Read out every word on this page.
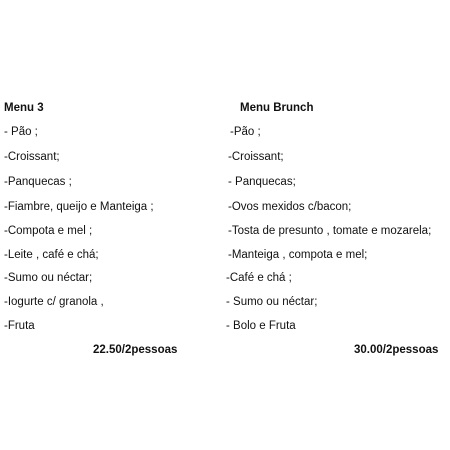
Menu 3
- Pão ;
-Croissant;
-Panquecas ;
-Fiambre, queijo e Manteiga ;
-Compota e mel ;
-Leite , café e chá;
-Sumo ou néctar;
-Iogurte c/ granola ,
-Fruta
22.50/2pessoas
Menu Brunch
-Pão ;
-Croissant;
- Panquecas;
-Ovos mexidos c/bacon;
-Tosta de presunto , tomate e mozarela;
-Manteiga , compota e mel;
-Café e chá ;
- Sumo ou néctar;
- Bolo e Fruta
30.00/2pessoas
